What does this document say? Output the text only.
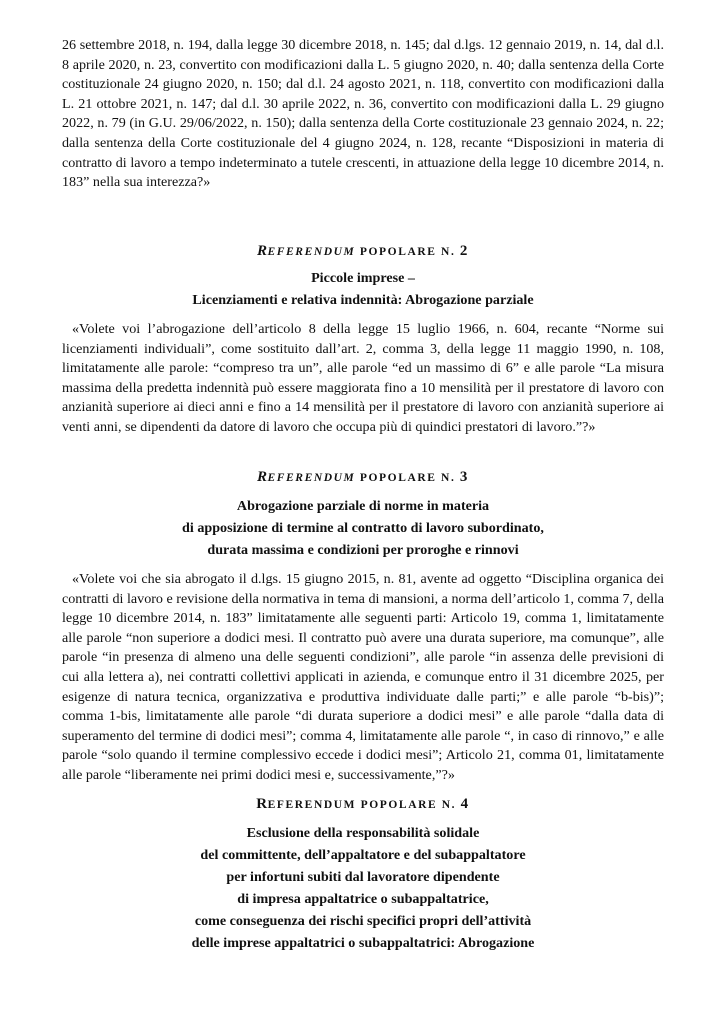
26 settembre 2018, n. 194, dalla legge 30 dicembre 2018, n. 145; dal d.lgs. 12 gennaio 2019, n. 14, dal d.l. 8 aprile 2020, n. 23, convertito con modificazioni dalla L. 5 giugno 2020, n. 40; dalla sentenza della Corte costituzionale 24 giugno 2020, n. 150; dal d.l. 24 agosto 2021, n. 118, convertito con modificazioni dalla L. 21 ottobre 2021, n. 147; dal d.l. 30 aprile 2022, n. 36, convertito con modificazioni dalla L. 29 giugno 2022, n. 79 (in G.U. 29/06/2022, n. 150); dalla sentenza della Corte costituzionale 23 gennaio 2024, n. 22; dalla sentenza della Corte costituzionale del 4 giugno 2024, n. 128, recante “Disposizioni in materia di contratto di lavoro a tempo indeterminato a tutele crescenti, in attuazione della legge 10 dicembre 2014, n. 183” nella sua interezza?»

REFERENDUM POPOLARE N. 2

Piccole imprese –
Licenziamenti e relativa indennità: Abrogazione parziale

«Volete voi l’abrogazione dell’articolo 8 della legge 15 luglio 1966, n. 604, recante “Norme sui licenziamenti individuali”, come sostituito dall’art. 2, comma 3, della legge 11 maggio 1990, n. 108, limitatamente alle parole: “compreso tra un”, alle parole “ed un massimo di 6” e alle parole “La misura massima della predetta indennità può essere maggiorata fino a 10 mensilità per il prestatore di lavoro con anzianità superiore ai dieci anni e fino a 14 mensilità per il prestatore di lavoro con anzianità superiore ai venti anni, se dipendenti da datore di lavoro che occupa più di quindici prestatori di lavoro.”?»

REFERENDUM POPOLARE N. 3

Abrogazione parziale di norme in materia
di apposizione di termine al contratto di lavoro subordinato,
durata massima e condizioni per proroghe e rinnovi

«Volete voi che sia abrogato il d.lgs. 15 giugno 2015, n. 81, avente ad oggetto “Disciplina organica dei contratti di lavoro e revisione della normativa in tema di mansioni, a norma dell’articolo 1, comma 7, della legge 10 dicembre 2014, n. 183” limitatamente alle seguenti parti: Articolo 19, comma 1, limitatamente alle parole “non superiore a dodici mesi. Il contratto può avere una durata superiore, ma comunque”, alle parole “in presenza di almeno una delle seguenti condizioni”, alle parole “in assenza delle previsioni di cui alla lettera a), nei contratti collettivi applicati in azienda, e comunque entro il 31 dicembre 2025, per esigenze di natura tecnica, organizzativa e produttiva individuate dalle parti;” e alle parole “b-bis)”; comma 1-bis, limitatamente alle parole “di durata superiore a dodici mesi” e alle parole “dalla data di superamento del termine di dodici mesi”; comma 4, limitatamente alle parole “, in caso di rinnovo,” e alle parole “solo quando il termine complessivo eccede i dodici mesi”; Articolo 21, comma 01, limitatamente alle parole “liberamente nei primi dodici mesi e, successivamente,”?»

REFERENDUM POPOLARE N. 4

Esclusione della responsabilità solidale
del committente, dell’appaltatore e del subappaltatore
per infortuni subiti dal lavoratore dipendente
di impresa appaltatrice o subappaltatrice,
come conseguenza dei rischi specifici propri dell’attività
delle imprese appaltatrici o subappaltatrici: Abrogazione
